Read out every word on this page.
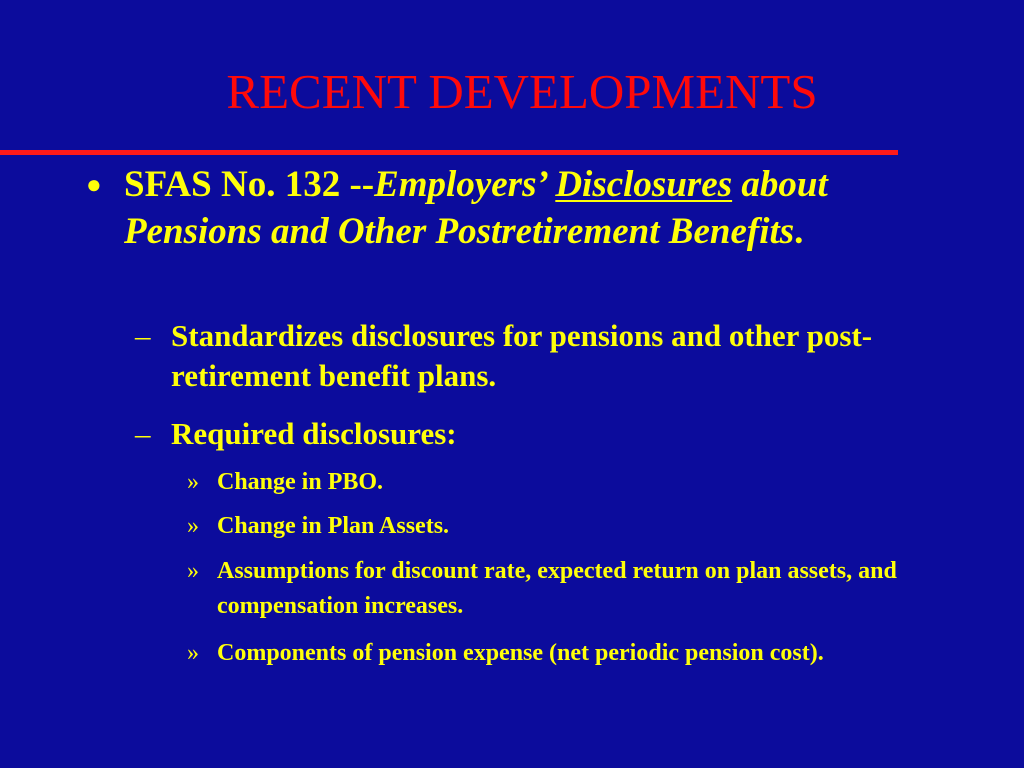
RECENT DEVELOPMENTS
● SFAS No. 132 --Employers’ Disclosures about Pensions and Other Postretirement Benefits.
– Standardizes disclosures for pensions and other post-retirement benefit plans.
– Required disclosures:
» Change in PBO.
» Change in Plan Assets.
» Assumptions for discount rate, expected return on plan assets, and compensation increases.
» Components of pension expense (net periodic pension cost).
